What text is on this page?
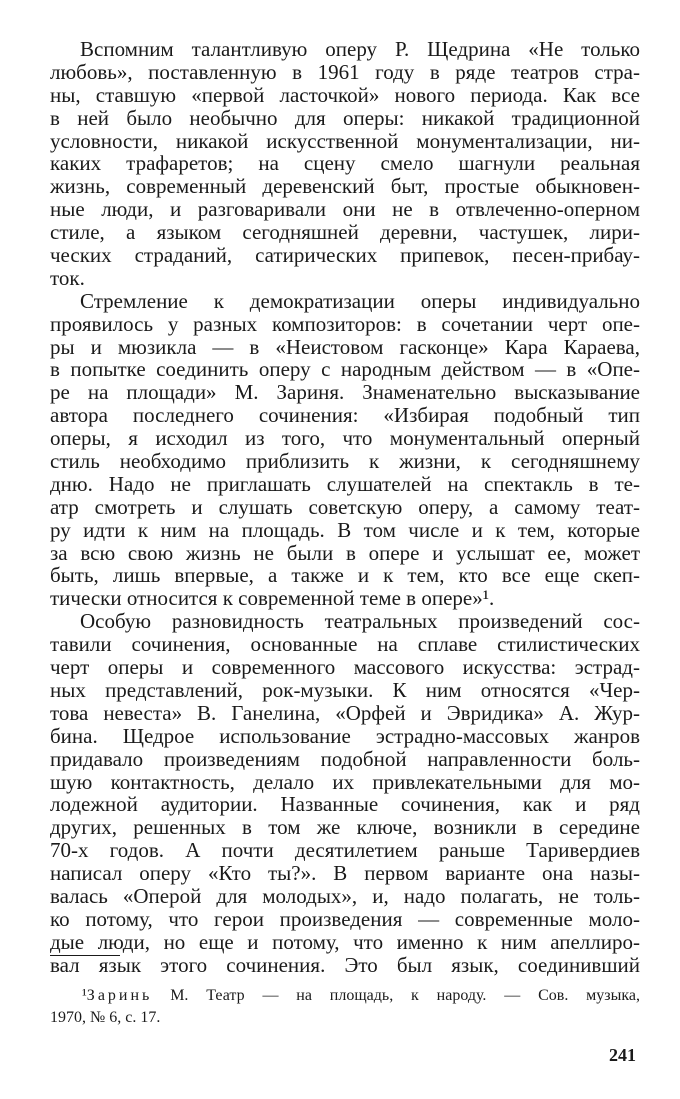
Вспомним талантливую оперу Р. Щедрина «Не только
любовь», поставленную в 1961 году в ряде театров стра-
ны, ставшую «первой ласточкой» нового периода. Как все
в ней было необычно для оперы: никакой традиционной
условности, никакой искусственной монументализации, ни-
каких трафаретов; на сцену смело шагнули реальная
жизнь, современный деревенский быт, простые обыкновен-
ные люди, и разговаривали они не в отвлеченно-оперном
стиле, а языком сегодняшней деревни, частушек, лири-
ческих страданий, сатирических припевок, песен-прибау-
ток.
Стремление к демократизации оперы индивидуально
проявилось у разных композиторов: в сочетании черт опе-
ры и мюзикла — в «Неистовом гасконце» Кара Караева,
в попытке соединить оперу с народным действом — в «Опе-
ре на площади» М. Зариня. Знаменательно высказывание
автора последнего сочинения: «Избирая подобный тип
оперы, я исходил из того, что монументальный оперный
стиль необходимо приблизить к жизни, к сегодняшнему
дню. Надо не приглашать слушателей на спектакль в те-
атр смотреть и слушать советскую оперу, а самому теат-
ру идти к ним на площадь. В том числе и к тем, которые
за всю свою жизнь не были в опере и услышат ее, может
быть, лишь впервые, а также и к тем, кто все еще скеп-
тически относится к современной теме в опере»¹.
Особую разновидность театральных произведений сос-
тавили сочинения, основанные на сплаве стилистических
черт оперы и современного массового искусства: эстрад-
ных представлений, рок-музыки. К ним относятся «Чер-
това невеста» В. Ганелина, «Орфей и Эвридика» А. Жур-
бина. Щедрое использование эстрадно-массовых жанров
придавало произведениям подобной направленности боль-
шую контактность, делало их привлекательными для мо-
лодежной аудитории. Названные сочинения, как и ряд
других, решенных в том же ключе, возникли в середине
70-х годов. А почти десятилетием раньше Таривердиев
написал оперу «Кто ты?». В первом варианте она назы-
валась «Оперой для молодых», и, надо полагать, не толь-
ко потому, что герои произведения — современные моло-
дые люди, но еще и потому, что именно к ним апеллиро-
вал язык этого сочинения. Это был язык, соединивший
¹Заринь М. Театр — на площадь, к народу. — Сов. музыка,
1970, № 6, с. 17.
241
